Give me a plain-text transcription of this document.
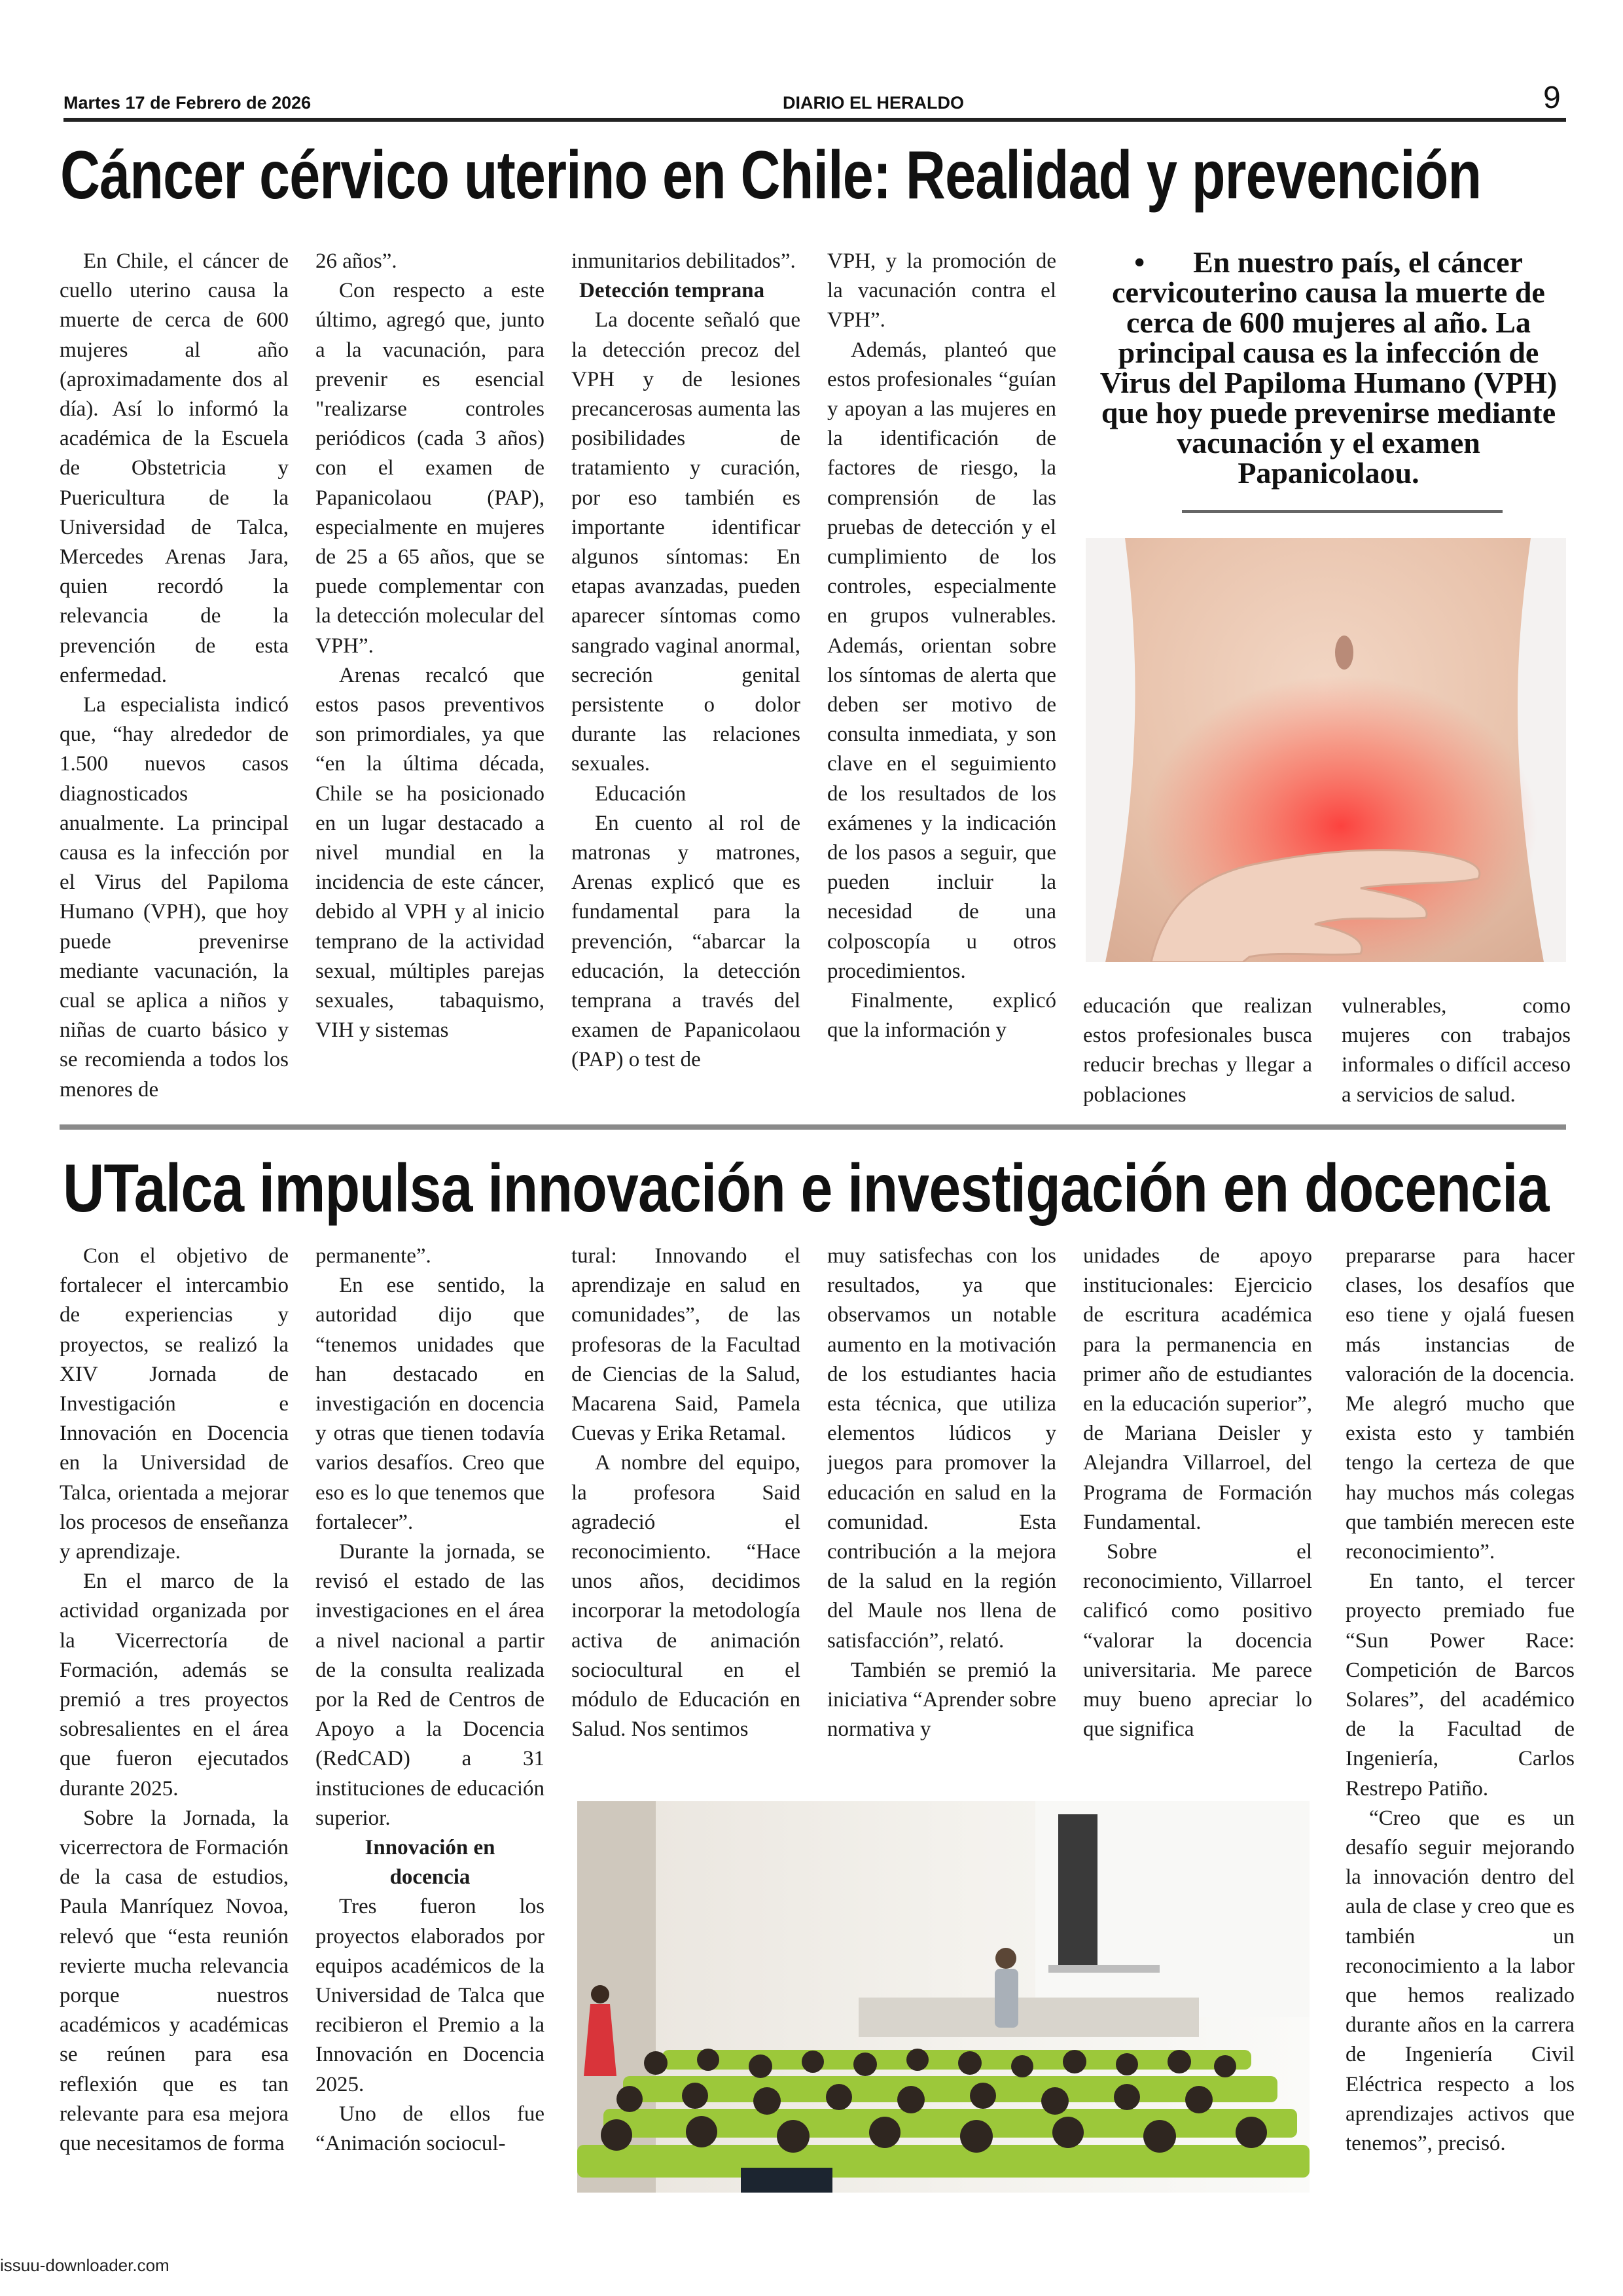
Martes 17 de Febrero de 2026	DIARIO EL HERALDO	9
Cáncer cérvico uterino en Chile: Realidad y prevención

En Chile, el cáncer de cuello uterino causa la muerte de cerca de 600 mujeres al año (aproximadamente dos al día). Así lo informó la académica de la Escuela de Obstetricia y Puericultura de la Universidad de Talca, Mercedes Arenas Jara, quien recordó la relevancia de la prevención de esta enfermedad.

La especialista indicó que, “hay alrededor de 1.500 nuevos casos diagnosticados anualmente. La principal causa es la infección por el Virus del Papiloma Humano (VPH), que hoy puede prevenirse mediante vacunación, la cual se aplica a niños y niñas de cuarto básico y se recomienda a todos los menores de

26 años”.

Con respecto a este último, agregó que, junto a la vacunación, para prevenir es esencial "realizarse controles periódicos (cada 3 años) con el examen de Papanicolaou (PAP), especialmente en mujeres de 25 a 65 años, que se puede complementar con la detección molecular del VPH”.

Arenas recalcó que estos pasos preventivos son primordiales, ya que “en la última década, Chile se ha posicionado en un lugar destacado a nivel mundial en la incidencia de este cáncer, debido al VPH y al inicio temprano de la actividad sexual, múltiples parejas sexuales, tabaquismo, VIH y sistemas

inmunitarios debilitados”.

Detección temprana

La docente señaló que la detección precoz del VPH y de lesiones precancerosas aumenta las posibilidades de tratamiento y curación, por eso también es importante identificar algunos síntomas: En etapas avanzadas, pueden aparecer síntomas como sangrado vaginal anormal, secreción genital persistente o dolor durante las relaciones sexuales.

Educación

En cuento al rol de matronas y matrones, Arenas explicó que es fundamental para la prevención, “abarcar la educación, la detección temprana a través del examen de Papanicolaou (PAP) o test de

VPH, y la promoción de la vacunación contra el VPH”.

Además, planteó que estos profesionales “guían y apoyan a las mujeres en la identificación de factores de riesgo, la comprensión de las pruebas de detección y el cumplimiento de los controles, especialmente en grupos vulnerables. Además, orientan sobre los síntomas de alerta que deben ser motivo de consulta inmediata, y son clave en el seguimiento de los resultados de los exámenes y la indicación de los pasos a seguir, que pueden incluir la necesidad de una colposcopía u otros procedimientos.

Finalmente, explicó que la información y

• En nuestro país, el cáncer cervicouterino causa la muerte de cerca de 600 mujeres al año. La principal causa es la infección de Virus del Papiloma Humano (VPH) que hoy puede prevenirse mediante vacunación y el examen Papanicolaou.

educación que realizan estos profesionales busca reducir brechas y llegar a poblaciones

vulnerables, como mujeres con trabajos informales o difícil acceso a servicios de salud.

UTalca impulsa innovación e investigación en docencia

Con el objetivo de fortalecer el intercambio de experiencias y proyectos, se realizó la XIV Jornada de Investigación e Innovación en Docencia en la Universidad de Talca, orientada a mejorar los procesos de enseñanza y aprendizaje.

En el marco de la actividad organizada por la Vicerrectoría de Formación, además se premió a tres proyectos sobresalientes en el área que fueron ejecutados durante 2025.

Sobre la Jornada, la vicerrectora de Formación de la casa de estudios, Paula Manríquez Novoa, relevó que “esta reunión revierte mucha relevancia porque nuestros académicos y académicas se reúnen para esa reflexión que es tan relevante para esa mejora que necesitamos de forma

permanente”.

En ese sentido, la autoridad dijo que “tenemos unidades que han destacado en investigación en docencia y otras que tienen todavía varios desafíos. Creo que eso es lo que tenemos que fortalecer”.

Durante la jornada, se revisó el estado de las investigaciones en el área a nivel nacional a partir de la consulta realizada por la Red de Centros de Apoyo a la Docencia (RedCAD) a 31 instituciones de educación superior.

Innovación en docencia

Tres fueron los proyectos elaborados por equipos académicos de la Universidad de Talca que recibieron el Premio a la Innovación en Docencia 2025.

Uno de ellos fue “Animación sociocul-

tural: Innovando el aprendizaje en salud en comunidades”, de las profesoras de la Facultad de Ciencias de la Salud, Macarena Said, Pamela Cuevas y Erika Retamal.

A nombre del equipo, la profesora Said agradeció el reconocimiento. “Hace unos años, decidimos incorporar la metodología activa de animación sociocultural en el módulo de Educación en Salud. Nos sentimos

muy satisfechas con los resultados, ya que observamos un notable aumento en la motivación de los estudiantes hacia esta técnica, que utiliza elementos lúdicos y juegos para promover la educación en salud en la comunidad. Esta contribución a la mejora de la salud en la región del Maule nos llena de satisfacción”, relató.

También se premió la iniciativa “Aprender sobre normativa y

unidades de apoyo institucionales: Ejercicio de escritura académica para la permanencia en primer año de estudiantes en la educación superior”, de Mariana Deisler y Alejandra Villarroel, del Programa de Formación Fundamental.

Sobre el reconocimiento, Villarroel calificó como positivo “valorar la docencia universitaria. Me parece muy bueno apreciar lo que significa

prepararse para hacer clases, los desafíos que eso tiene y ojalá fuesen más instancias de valoración de la docencia. Me alegró mucho que exista esto y también tengo la certeza de que hay muchos más colegas que también merecen este reconocimiento”.

En tanto, el tercer proyecto premiado fue “Sun Power Race: Competición de Barcos Solares”, del académico de la Facultad de Ingeniería, Carlos Restrepo Patiño.

“Creo que es un desafío seguir mejorando la innovación dentro del aula de clase y creo que es también un reconocimiento a la labor que hemos realizado durante años en la carrera de Ingeniería Civil Eléctrica respecto a los aprendizajes activos que tenemos”, precisó.

issuu-downloader.com
